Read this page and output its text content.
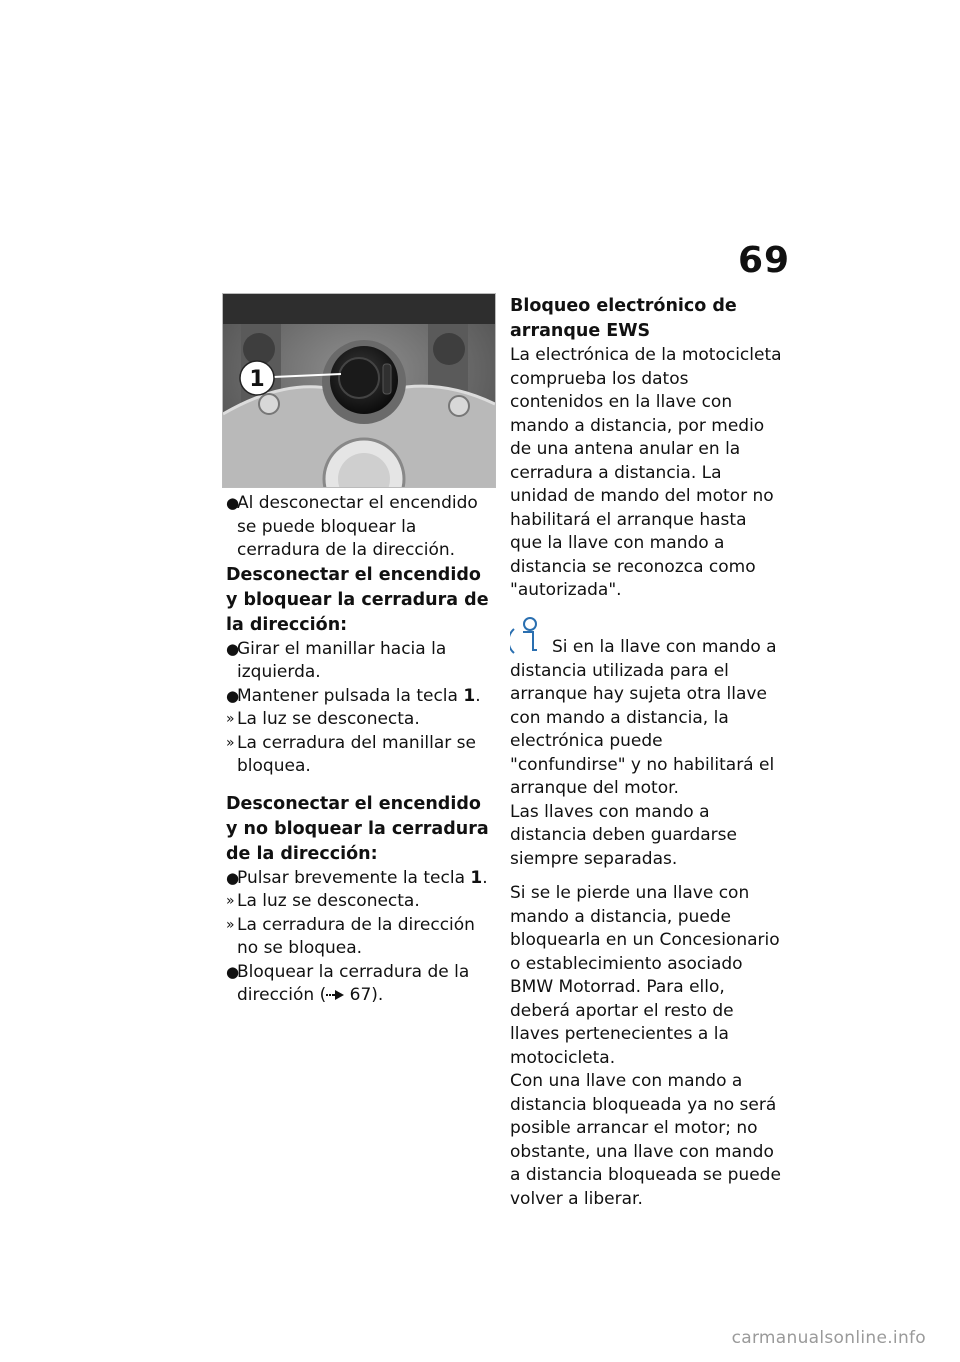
69
1
●
Al desconectar el encendido se puede bloquear la cerradura de la dirección.

Desconectar el encendido y bloquear la cerradura de la dirección:

●
Girar el manillar hacia la izquierda.
●
Mantener pulsada la tecla 1.
» La luz se desconecta.
» La cerradura del manillar se bloquea.

Desconectar el encendido y no bloquear la cerradura de la dirección:

●
Pulsar brevemente la tecla 1.
» La luz se desconecta.
» La cerradura de la dirección no se bloquea.
●
Bloquear la cerradura de la dirección ( 67).

Bloqueo electrónico de arranque EWS

La electrónica de la motocicleta comprueba los datos contenidos en la llave con mando a distancia, por medio de una antena anular en la cerradura a distancia. La unidad de mando del motor no habilitará el arranque hasta que la llave con mando a distancia se reconozca como "autorizada".

Si en la llave con mando a distancia utilizada para el arranque hay sujeta otra llave con mando a distancia, la electrónica puede "confundirse" y no habilitará el arranque del motor.

Las llaves con mando a distancia deben guardarse siempre separadas.

Si se le pierde una llave con mando a distancia, puede bloquearla en un Concesionario o establecimiento asociado BMW Motorrad. Para ello, deberá aportar el resto de llaves pertenecientes a la motocicleta.

Con una llave con mando a distancia bloqueada ya no será posible arrancar el motor; no obstante, una llave con mando a distancia bloqueada se puede volver a liberar.

carmanualsonline.info
